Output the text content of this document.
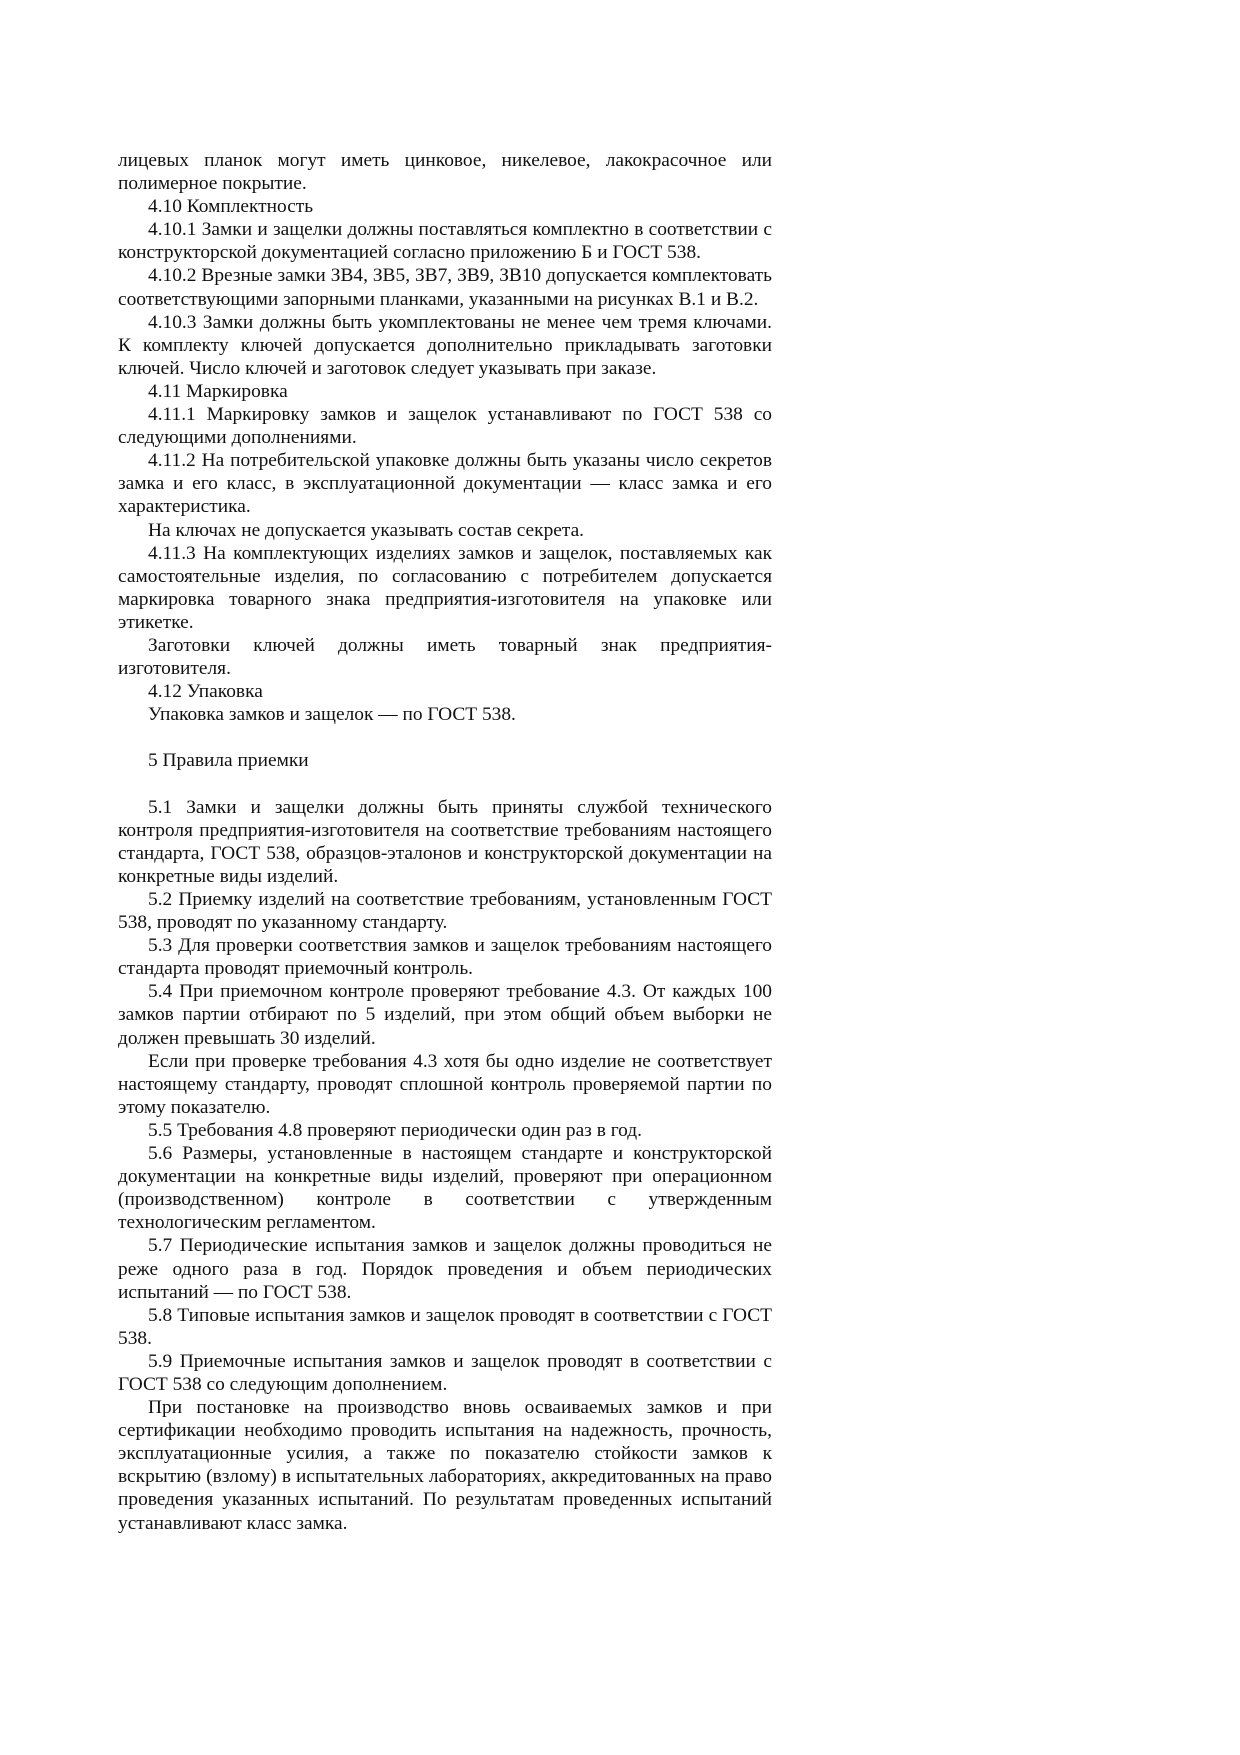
лицевых планок могут иметь цинковое, никелевое, лакокрасочное или полимерное покрытие.

4.10 Комплектность

4.10.1 Замки и защелки должны поставляться комплектно в соответствии с конструкторской документацией согласно приложению Б и ГОСТ 538.

4.10.2 Врезные замки ЗВ4, ЗВ5, ЗВ7, ЗВ9, ЗВ10 допускается комплектовать соответствующими запорными планками, указанными на рисунках В.1 и В.2.

4.10.3 Замки должны быть укомплектованы не менее чем тремя ключами. К комплекту ключей допускается дополнительно прикладывать заготовки ключей. Число ключей и заготовок следует указывать при заказе.

4.11 Маркировка

4.11.1 Маркировку замков и защелок устанавливают по ГОСТ 538 со следующими дополнениями.

4.11.2 На потребительской упаковке должны быть указаны число секретов замка и его класс, в эксплуатационной документации — класс замка и его характеристика.

На ключах не допускается указывать состав секрета.

4.11.3 На комплектующих изделиях замков и защелок, поставляемых как самостоятельные изделия, по согласованию с потребителем допускается маркировка товарного знака предприятия-изготовителя на упаковке или этикетке.

Заготовки ключей должны иметь товарный знак предприятия-изготовителя.

4.12 Упаковка

Упаковка замков и защелок — по ГОСТ 538.

5 Правила приемки

5.1 Замки и защелки должны быть приняты службой технического контроля предприятия-изготовителя на соответствие требованиям настоящего стандарта, ГОСТ 538, образцов-эталонов и конструкторской документации на конкретные виды изделий.

5.2 Приемку изделий на соответствие требованиям, установленным ГОСТ 538, проводят по указанному стандарту.

5.3 Для проверки соответствия замков и защелок требованиям настоящего стандарта проводят приемочный контроль.

5.4 При приемочном контроле проверяют требование 4.3. От каждых 100 замков партии отбирают по 5 изделий, при этом общий объем выборки не должен превышать 30 изделий.

Если при проверке требования 4.3 хотя бы одно изделие не соответствует настоящему стандарту, проводят сплошной контроль проверяемой партии по этому показателю.

5.5 Требования 4.8 проверяют периодически один раз в год.

5.6 Размеры, установленные в настоящем стандарте и конструкторской документации на конкретные виды изделий, проверяют при операционном (производственном) контроле в соответствии с утвержденным технологическим регламентом.

5.7 Периодические испытания замков и защелок должны проводиться не реже одного раза в год. Порядок проведения и объем периодических испытаний — по ГОСТ 538.

5.8 Типовые испытания замков и защелок проводят в соответствии с ГОСТ 538.

5.9 Приемочные испытания замков и защелок проводят в соответствии с ГОСТ 538 со следующим дополнением.

При постановке на производство вновь осваиваемых замков и при сертификации необходимо проводить испытания на надежность, прочность, эксплуатационные усилия, а также по показателю стойкости замков к вскрытию (взлому) в испытательных лабораториях, аккредитованных на право проведения указанных испытаний. По результатам проведенных испытаний устанавливают класс замка.
